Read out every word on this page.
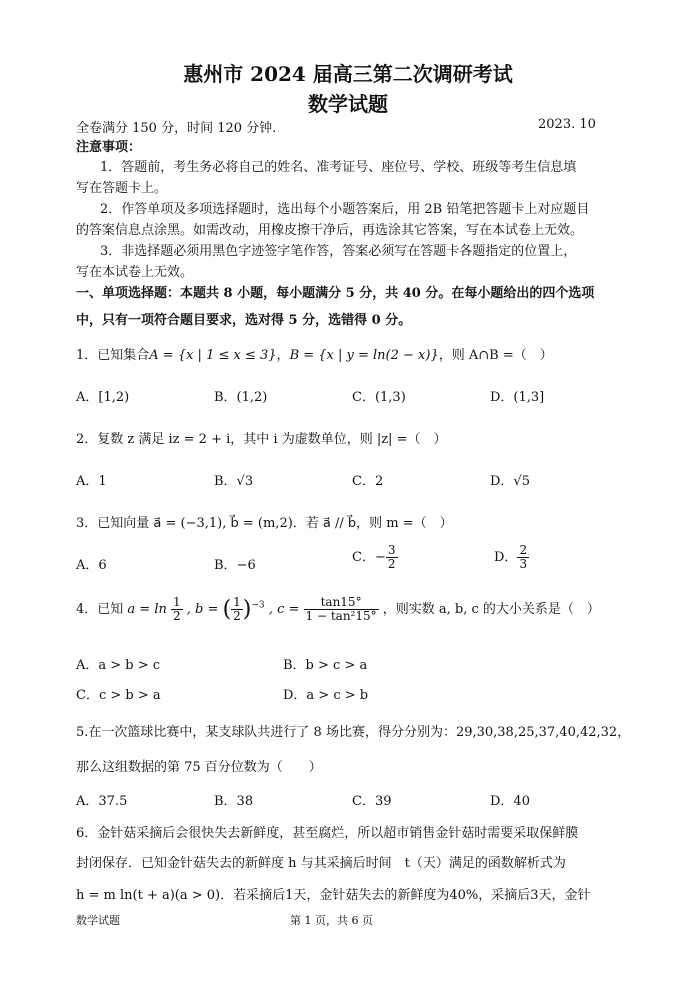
惠州市 2024 届高三第二次调研考试
数学试题
全卷满分 150 分，时间 120 分钟.	2023. 10
注意事项：
1．答题前，考生务必将自己的姓名、准考证号、座位号、学校、班级等考生信息填
写在答题卡上。
2．作答单项及多项选择题时，选出每个小题答案后，用 2B 铅笔把答题卡上对应题目
的答案信息点涂黑。如需改动，用橡皮擦干净后，再选涂其它答案，写在本试卷上无效。
3．非选择题必须用黑色字迹签字笔作答，答案必须写在答题卡各题指定的位置上，
写在本试卷上无效。
一、单项选择题：本题共 8 小题，每小题满分 5 分，共 40 分。在每小题给出的四个选项
中，只有一项符合题目要求，选对得 5 分，选错得 0 分。
1．已知集合A = {x | 1 ≤ x ≤ 3}，B = {x | y = ln(2 − x)}，则 A∩B =（　）
A．[1,2)	B．(1,2)	C．(1,3)	D．(1,3]
2．复数 z 满足 iz = 2 + i，其中 i 为虚数单位，则 |z| =（　）
A．1	B．√3	C．2	D．√5
3．已知向量 a⃗ = (−3,1), b⃗ = (m,2)．若 a⃗ // b⃗，则 m =（　）
A．6	B．−6
C．− $\frac{3}{2}$	D． $\frac{2}{3}$
4．已知 $a = \ln \frac{1}{2}$ , b = ( $\frac{1}{2} )^{-3}$ , $c = \frac{\tan 15^\circ}{\text{1 − tan²15°}}$ ，则实数 a, b, c 的大小关系是（　）
A．a > b > c	B．b > c > a
C．c > b > a	D．a > c > b
5.在一次篮球比赛中，某支球队共进行了 8 场比赛，得分分别为：29,30,38,25,37,40,42,32，
那么这组数据的第 75 百分位数为（　　）
A．37.5	B．38	C．39	D．40
6．金针菇采摘后会很快失去新鲜度，甚至腐烂，所以超市销售金针菇时需要采取保鲜膜
封闭保存．已知金针菇失去的新鲜度 h 与其采摘后时间　t（天）满足的函数解析式为
h = m ln(t + a)(a > 0)．若采摘后1天，金针菇失去的新鲜度为40%，采摘后3天，金针
数学试题	第 1 页，共 6 页
